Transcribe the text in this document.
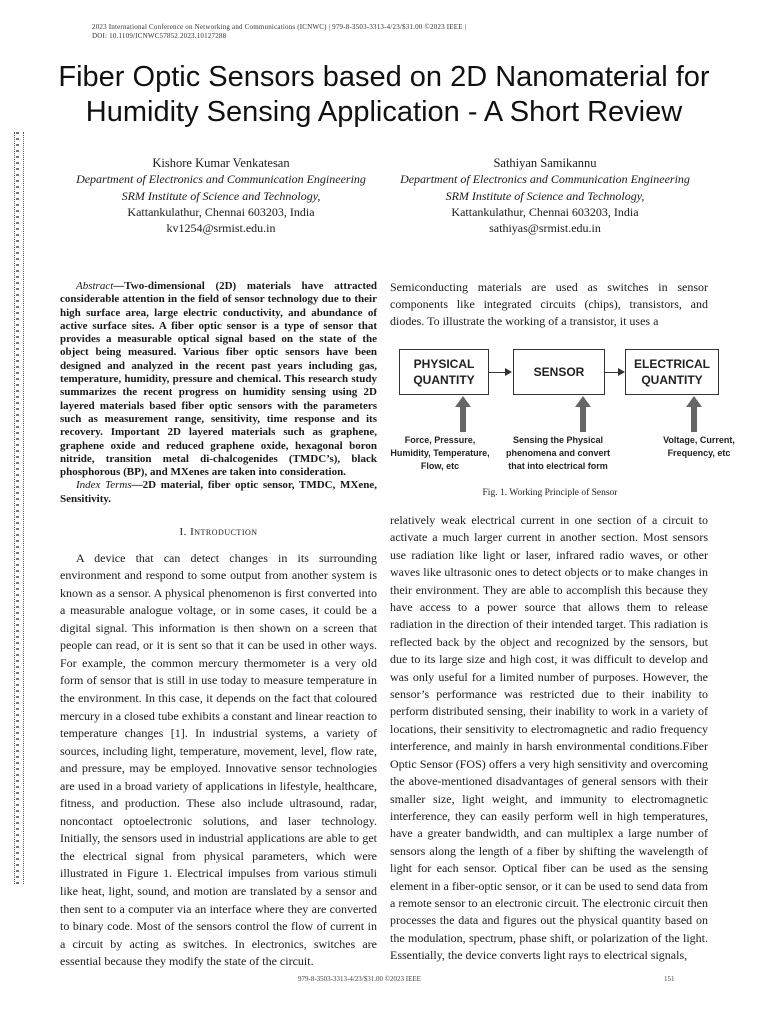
2023 International Conference on Networking and Communications (ICNWC) | 979-8-3503-3313-4/23/$31.00 ©2023 IEEE |
DOI: 10.1109/ICNWC57852.2023.10127288
Fiber Optic Sensors based on 2D Nanomaterial for Humidity Sensing Application - A Short Review
Kishore Kumar Venkatesan
Department of Electronics and Communication Engineering
SRM Institute of Science and Technology,
Kattankulathur, Chennai 603203, India
kv1254@srmist.edu.in
Sathiyan Samikannu
Department of Electronics and Communication Engineering
SRM Institute of Science and Technology,
Kattankulathur, Chennai 603203, India
sathiyas@srmist.edu.in

Abstract—Two-dimensional (2D) materials have attracted considerable attention in the field of sensor technology due to their high surface area, large electric conductivity, and abundance of active surface sites. A fiber optic sensor is a type of sensor that provides a measurable optical signal based on the state of the object being measured. Various fiber optic sensors have been designed and analyzed in the recent past years including gas, temperature, humidity, pressure and chemical. This research study summarizes the recent progress on humidity sensing using 2D layered materials based fiber optic sensors with the parameters such as measurement range, sensitivity, time response and its recovery. Important 2D layered materials such as graphene, graphene oxide and reduced graphene oxide, hexagonal boron nitride, transition metal di-chalcogenides (TMDC’s), black phosphorous (BP), and MXenes are taken into consideration.

Index Terms—2D material, fiber optic sensor, TMDC, MXene, Sensitivity.

I. Introduction

A device that can detect changes in its surrounding environment and respond to some output from another system is known as a sensor. A physical phenomenon is first converted into a measurable analogue voltage, or in some cases, it could be a digital signal. This information is then shown on a screen that people can read, or it is sent so that it can be used in other ways. For example, the common mercury thermometer is a very old form of sensor that is still in use today to measure temperature in the environment. In this case, it depends on the fact that coloured mercury in a closed tube exhibits a constant and linear reaction to temperature changes [1]. In industrial systems, a variety of sources, including light, temperature, movement, level, flow rate, and pressure, may be employed. Innovative sensor technologies are used in a broad variety of applications in lifestyle, healthcare, fitness, and production. These also include ultrasound, radar, noncontact optoelectronic solutions, and laser technology. Initially, the sensors used in industrial applications are able to get the electrical signal from physical parameters, which were illustrated in Figure 1. Electrical impulses from various stimuli like heat, light, sound, and motion are translated by a sensor and then sent to a computer via an interface where they are converted to binary code. Most of the sensors control the flow of current in a circuit by acting as switches. In electronics, switches are essential because they modify the state of the circuit.

Semiconducting materials are used as switches in sensor components like integrated circuits (chips), transistors, and diodes. To illustrate the working of a transistor, it uses a

PHYSICAL QUANTITY
SENSOR
ELECTRICAL QUANTITY
Force, Pressure, Humidity, Temperature, Flow, etc
Sensing the Physical phenomena and convert that into electrical form
Voltage, Current, Frequency, etc
Fig. 1. Working Principle of Sensor

relatively weak electrical current in one section of a circuit to activate a much larger current in another section. Most sensors use radiation like light or laser, infrared radio waves, or other waves like ultrasonic ones to detect objects or to make changes in their environment. They are able to accomplish this because they have access to a power source that allows them to release radiation in the direction of their intended target. This radiation is reflected back by the object and recognized by the sensors, but due to its large size and high cost, it was difficult to develop and was only useful for a limited number of purposes. However, the sensor’s performance was restricted due to their inability to perform distributed sensing, their inability to work in a variety of locations, their sensitivity to electromagnetic and radio frequency interference, and mainly in harsh environmental conditions.Fiber Optic Sensor (FOS) offers a very high sensitivity and overcoming the above-mentioned disadvantages of general sensors with their smaller size, light weight, and immunity to electromagnetic interference, they can easily perform well in high temperatures, have a greater bandwidth, and can multiplex a large number of sensors along the length of a fiber by shifting the wavelength of light for each sensor. Optical fiber can be used as the sensing element in a fiber-optic sensor, or it can be used to send data from a remote sensor to an electronic circuit. The electronic circuit then processes the data and figures out the physical quantity based on the modulation, spectrum, phase shift, or polarization of the light. Essentially, the device converts light rays to electrical signals,

979-8-3503-3313-4/23/$31.00 ©2023 IEEE	151
